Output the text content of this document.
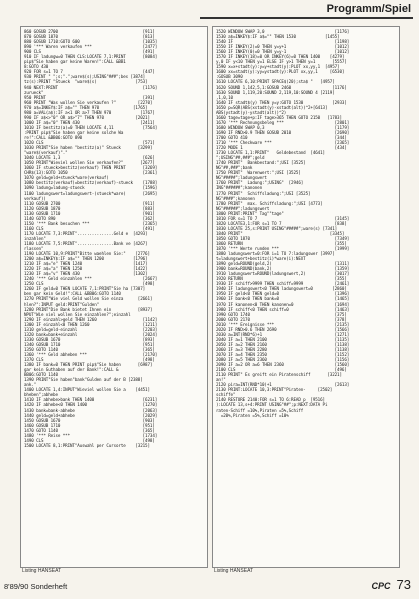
Programm/Spiel
860 GOSUB 2700                                   [911]
870 GOSUB 1870                                   [813]
880 GOSUB 1710:GOTO 600                          [1035]
890 '*** Waren verkaufen ***                     [2477]
900 CLS                                          [491]
910 IF ladungw=0 THEN CLS:LOCATE 7,1:PRINT       [8084]
pip$"Sie haben gar keine Waren!":CALL &BB1
8:GOTO 430
920 FOR s=1 TO 7                                 [447]
930 PRINT " ";s;".";ware$(s);USING"###";bes [3874]
tz(s):PRINT "Stueck  "ware$(s)                [753]
940 NEXT:PRINT                                   [1176]
zurueck"
950 PRINT                                        [391]
960 PRINT "Was wollen Sie verkaufen ?"         [2270]
970 a$=INKEY$:IF a$="" THEN 970              [1765]
980 a=VAL(a$):IF a<1 OR a>7 THEN 970            [1767]
990 IF a$<>"0" OR a$>"7" THEN 970             [2021]
1000 IF a$="0" THEN 430                         [2411]
1010 IF bestitz(a)=0 THEN LOCATE 4,11            [7564]
:PRINT pip$"Sie haben gar keine solche Wa
re!":CALL &BB06:GOTO 890
1020 CLS                                         [571]
1030 PRINT"Sie haben "bestitz(a)" Stueck       [3299]
"ware$(verkauf)"."
1040 LOCATE 1,3                                  [626]
1050 PRINT"Wieviel wollen Sie verkaufen?"       [2677]
1060 IF stueck>bestitz(verkauf) THEN PRINT       [3269]
CHR$(13):GOTO 1050                               [2361]
1070 geld=geld+stueck*ware(verkauf)
1080 bestitz(verkauf)=bestitz(verkauf)-stueck    [1788]
1090 ladung=ladung-stueck                        [1596]
1100 ladungswert=ladungswert-(stueck*ware(       [2695]
verkauf))
1110 GOSUB 2700                                  [911]
1120 GOSUB 1870                                  [883]
1130 GOSUB 1710                                  [901]
1140 GOTO 890                                    [362]
1150 '*** Bank besuchen ***                      [2365]
1160 CLS                                         [491]
1170 LOCATE 7,3:PRINT"...............Geld e  [4293]
inzahlen"
1180 LOCATE 7,5:PRINT"...............Bank ve [4267]
rlassen"
1190 LOCATE 10,9:PRINT"Bitte waehlen Sie:"    [2776]
1200 a$=INKEY$:IF a$="" THEN 1200            [1796]
1210 IF a$="e" THEN 1240                     [1417]
1220 IF a$="a" THEN 1250                     [1422]
1230 IF a$="v" THEN 430                      [1302]
1240 '*** Geld einzahlen ***                     [2667]
1250 CLS                                         [498]
1260 IF geld=0 THEN LOCATE 7,1:PRINT"Sie ha [7307]
ben gar kein Geld!":CALL &BB06:GOTO 1140
1270 PRINT"Wie viel Geld wollen Sie einza      [2661]
hlen?":INPUT geld:PRINT"Gulden"
1280 PRINT"Die Bank bietet Ihnen ein           [8937]
NPUT"Wie viel wollen Sie einzahlen?";einzahl
1290 IF einzahl>geld THEN 1260                   [1142]
1300 IF einzahl<0 THEN 1260                      [1211]
1310 geld=geld-einzahl                           [2203]
1320 bank=bank+einzahl                           [2024]
1330 GOSUB 1670                                  [893]
1340 GOSUB 1710                                  [951]
1350 GOTO 1140                                   [365]
1360 '*** Geld abheben ***                       [2170]
1370 CLS                                         [498]
1380 IF bank=0 THEN PRINT pip$"Sie haben       [6987]
gar kein Guthaben auf der Bank!":CALL &
BB06:GOTO 1140
1390 PRINT"Sie haben"bank"Gulden auf der B [2388]
ank."
1400 LOCATE 1,4:INPUT"Wieviel wollen Sie a    [4451]
bheben";abhebe
1410 IF abhebe>bank THEN 1400                    [6231]
1420 IF abhebe<0 THEN 1400                       [1270]
1430 bank=bank-abhebe                            [2063]
1440 geld=geld+abhebe                            [2029]
1450 GOSUB 1670                                  [903]
1460 GOSUB 1710                                  [951]
1470 GOTO 1140                                   [365]
1480 '*** Reise ***                              [1734]
1490 CLS                                         [498]
1500 LOCATE 8,1:PRINT"Auswahl per Cursorte    [3215]
1520 WINDOW SWAP 3,0                             [1176]
1530 a$=INKEY$:IF a$="" THEN 1530            [1455]
1540 IF                                          [1198]
1550 IF INKEY(2)=0 THEN y=y+1                    [1012]
1560 IF INKEY(0)=0 THEN y=y-1                    [1012]
1570 IF INKEY(18)=0 OR INKEY(6)=0 THEN 1400    [4279]
y,0 IF y<10 THEN y=1 ELSE IF y>1 THEN y=1       [5557]
1590 x=x+stadt(y):y=y+stadt(y):PLOT xx,yy,1  [4957]
1600 xx=stadt(y):yy=ystadt(y):PLOT xx,yy,1     [6530]
:GOSUB 3090
1610 LOCATE 6,10:PRINT SPACE$(20);sta$ "   [4957]
1620 SOUND 1,142,5,1:GOSUB 2460                 [1176]
1630 SOUND 1,119,20:SOUND 2,119,10:SOUND 4 [2119]
,1,0,10
1640 IF stadt$(y) THEN y=y:GOTO 1530            [2933]
1650 p=SQR(ABS(xstadt(y)-xstadt(alt))^2+[6413]
ABS(ystadt(y)-ystadt(alt))^2)
1660 tage=tage+p:IF tage>365 THEN GOTO 2150   [1783]
1670 '*** Rechnungsbeleg ***                     [2801]
1680 WINDOW SWAP 0,3                             [1179]
1690 IF RND>0.9 THEN GOSUB 2010                  [2690]
1700 GOTO 410                                    [344]
1710 '*** Checkware ***                          [2365]
1720 MODE 1                                      [434]
1730 LOCATE 1,1:PRINT"   Geldebestand  [4641]
";USING"##,###";geld
1740 PRINT"  Bankbestand:";USI [3525]
NG"##,###";bank
1750 PRINT"  Warenwert:";USI [3525]
NG"#####";ladungswert
1760 PRINT"  Ladung:";USING"  [2946]
ING"######";kanonen
1770 PRINT"  Schiffsladung:";USI [3525]
NG"####";kanonen
1780 PRINT"  max. Schiffsladung:";USI [4773]
NG"######";ladungswert
1800 PRINT:PRINT" Tag""tage"
1810 FOR s=1 TO 7                                [3145]
1820 LOCATE3,1:FOR s=1 TO 7                      [838]
1830 LOCATE 25,s:PRINT USING"#####";ware(s) [7341]
1840 PRINT"                                    [3345]
1850 GOTO 1870                                   [7349]
1860 RETURN                                      [355]
1870 '*** Werte runden ***                       [1999]
1880 ladungswert=0:FOR i=1 TO 7:ladungswer [3997]
t=ladungswert+bestitz(i)*ware(i):NEXT
1890 geld=ROUND(geld,2)                          [1311]
1900 bank=ROUND(bank,2)                          [1359]
1910 ladungswert=ROUND(ladungswert,2)            [3017]
1920 RETURN                                      [355]
1930 IF schiff>9999 THEN schiff=9999             [2461]
1940 IF ladungswert<0 THEN ladungswert=0        [2860]
1950 IF geld<0 THEN geld=0                       [1396]
1960 IF bank<0 THEN bank=0                       [1465]
1970 IF kanonen<0 THEN kanonen=0                 [1694]
1980 IF schiff<0 THEN schiff=0                   [1463]
1990 GOTO 1740                                   [375]
2000 GOTO 2170                                   [378]
2010 '*** Ereignisse ***                         [2135]
2020 IF RND>0.6 THEN 2690                        [1566]
2030 a=INT(RND*6)+1                              [1271]
2040 IF a=1 THEN 2100                            [1135]
2050 IF a=2 THEN 2160                            [1138]
2060 IF a=3 THEN 2280                            [1138]
2070 IF a=4 THEN 2350                            [1152]
2080 IF a=5 THEN 2360                            [1156]
2090 IF a=2 OR a=6 THEN 2360                     [1560]
2100 CLS                                         [496]
2110 PRINT" Es greift ein Piratenschiff       [3221]
an!"
2120 pira=INT(RND*10)+1                          [2613]
2130 PRINT:LOCATE 10,3:PRINT"Piraten-     [2502]
schiffe"
2140 RESTORE 2140:FOR s=1 TO 6:READ p  [9516]
):LOCATE 13,s+4:PRINT USING"##";p:NEXT:DATA Pi
raten-Schiff =10%,Piraten =5%,Schiff
=20%,Piraten =5%,Schiff =10%
Listing HANSEAT	Listing HANSEAT
8'89/90 Sonderheft	CPC 73
